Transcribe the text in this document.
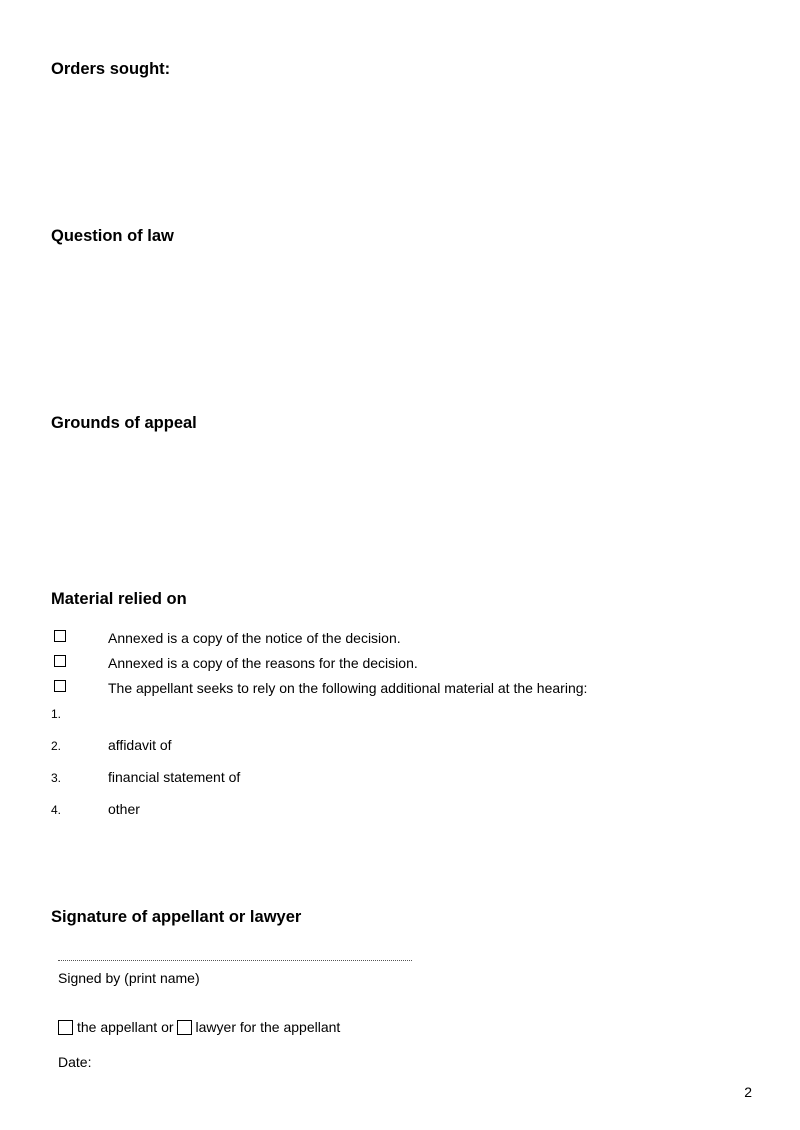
Orders sought:
Question of law
Grounds of appeal
Material relied on
Annexed is a copy of the notice of the decision.
Annexed is a copy of the reasons for the decision.
The appellant seeks to rely on the following additional material at the hearing:
1.
2.	affidavit of
3.	financial statement of
4.	other
Signature of appellant or lawyer
Signed by (print name)
the appellant or lawyer for the appellant
Date:
2
